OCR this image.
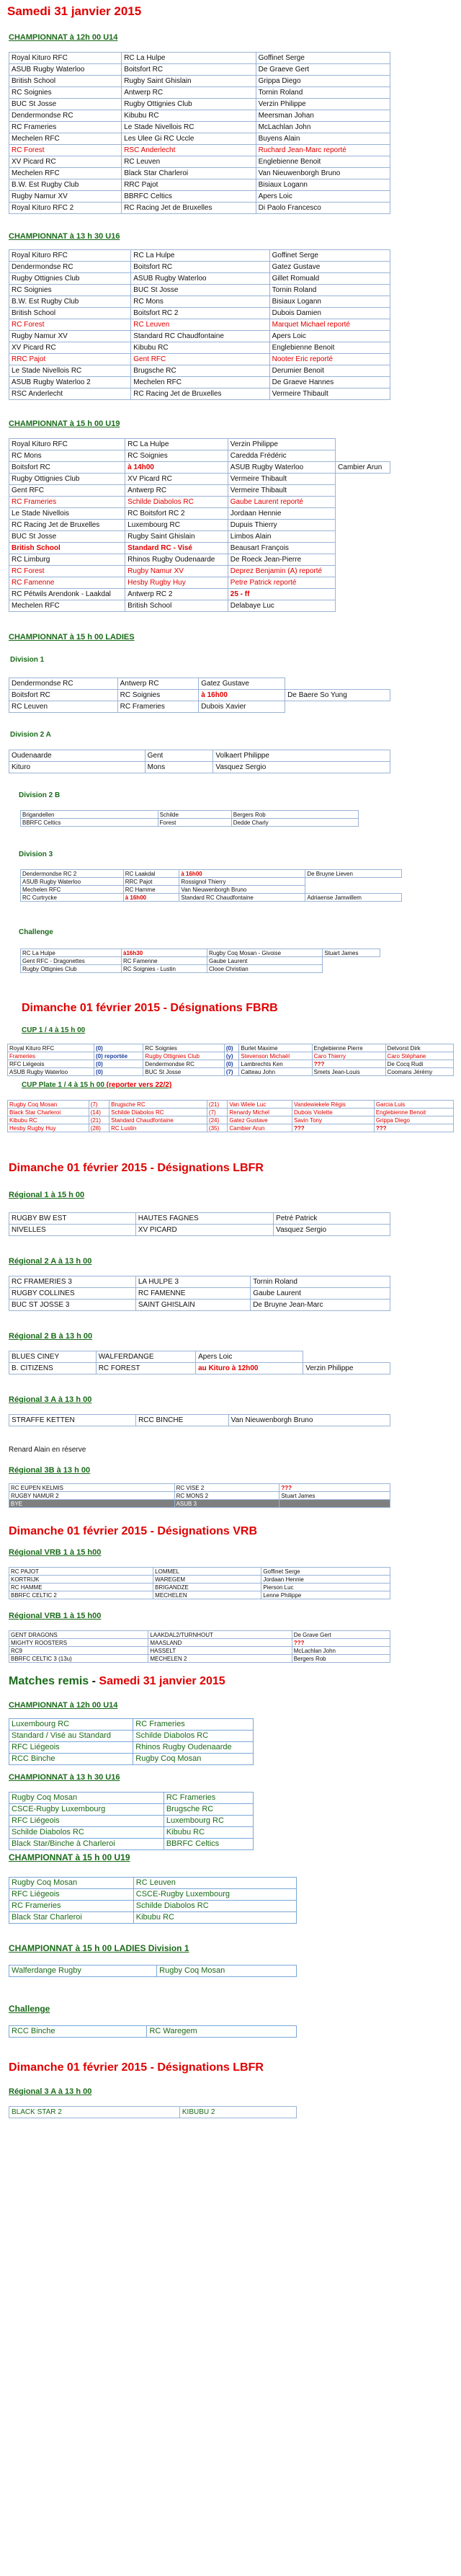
Samedi 31 janvier 2015
CHAMPIONNAT à 12h 00 U14
Royal Kituro RFC	RC La Hulpe	Goffinet Serge
ASUB Rugby Waterloo	Boitsfort RC	De Graeve Gert
British School	Rugby Saint Ghislain	Grippa Diego
RC Soignies	Antwerp RC	Tornin Roland
BUC St Josse	Rugby Ottignies Club	Verzin Philippe
Dendermondse RC	Kibubu RC	Meersman Johan
RC Frameries	Le Stade Nivellois RC	McLachlan John
Mechelen RFC	Les Ulee Gi RC Uccle	Buyens Alain
RC Forest	RSC Anderlecht	Ruchard Jean-Marc reporté
XV Picard RC	RC Leuven	Englebienne Benoit
Mechelen RFC	Black Star Charleroi	Van Nieuwenborgh Bruno
B.W. Est Rugby Club	RRC Pajot	Bisiaux Logann
Rugby Namur XV	BBRFC Celtics	Apers Loic
Royal Kituro RFC 2	RC Racing Jet de Bruxelles	Di Paolo Francesco
CHAMPIONNAT à 13 h 30 U16
Royal Kituro RFC	RC La Hulpe	Goffinet Serge
Dendermondse RC	Boitsfort RC	Gatez Gustave
Rugby Ottignies Club	ASUB Rugby Waterloo	Gillet Romuald
RC Soignies	BUC St Josse	Tornin Roland
B.W. Est Rugby Club	RC Mons	Bisiaux Logann
British School	Boitsfort RC 2	Dubois Damien
RC Forest	RC Leuven	Marquet Michael reporté
Rugby Namur XV	Standard RC Chaudfontaine	Apers Loic
XV Picard RC	Kibubu RC	Englebienne Benoit
RRC Pajot	Gent RFC	Nooter Eric reporté
Le Stade Nivellois RC	Brugsche RC	Derumier Benoit
ASUB Rugby Waterloo 2	Mechelen RFC	De Graeve Hannes
RSC Anderlecht	RC Racing Jet de Bruxelles	Vermeire Thibault
CHAMPIONNAT à 15 h 00 U19
Royal Kituro RFC	RC La Hulpe	Verzin Philippe	
RC Mons	RC Soignies	Caredda Frédéric	
Boitsfort RC	à 14h00	ASUB Rugby Waterloo	Cambier Arun
Rugby Ottignies Club	XV Picard RC	Vermeire Thibault	
Gent RFC	Antwerp RC	Vermeire Thibault	
RC Frameries	Schilde Diabolos RC	Gaube Laurent reporté	
Le Stade Nivellois	RC Boitsfort RC 2	Jordaan Hennie	
RC Racing Jet de Bruxelles	Luxembourg RC	Dupuis Thierry	
BUC St Josse	Rugby Saint Ghislain	Limbos Alain	
British School	Standard RC - Visé	Beausart François	
RC Limburg	Rhinos Rugby Oudenaarde	De Roeck Jean-Pierre	
RC Forest	Rugby Namur XV	Deprez Benjamin (A) reporté	
RC Famenne	Hesby Rugby Huy	Petre Patrick reporté	
RC Pétwils Arendonk - Laakdal	Antwerp RC 2	25 - ff	
Mechelen RFC	British School	Delabaye Luc	
CHAMPIONNAT à 15 h 00 LADIES
Division 1
Dendermondse RC	Antwerp RC	Gatez Gustave	
Boitsfort RC	RC Soignies	à 16h00	De Baere So Yung
RC Leuven	RC Frameries	Dubois Xavier	
Division 2 A
Oudenaarde	Gent	Volkaert Philippe
Kituro	Mons	Vasquez Sergio
Division 2 B
Brigandellen	Schilde	Bergers Rob
BBRFC Celtics	Forest	Dedde Charly
Division 3
Dendermondse RC 2	RC Laakdal	à 16h00	De Bruyne Lieven
ASUB Rugby Waterloo	RRC Pajot	Rossignol Thierry	
Mechelen RFC	RC Hamme	Van Nieuwenborgh Bruno	
RC Curtrycke	à 16h00	Standard RC Chaudfontaine	Adriaense Jamwillem
Challenge
RC La Hulpe	à16h30	Rugby Coq Mosan - Givoise	Stuart James
Gent RFC - Dragonettes	RC Famenne	Gaube Laurent	
Rugby Ottignies Club	RC Soignies - Lustin	Clooe Christian	
Dimanche 01 février 2015 - Désignations FBRB
CUP 1 / 4 à 15 h 00
Royal Kituro RFC	(0)	RC Soignies	(0)	Burlet Maxime	Englebienne Pierre	Detvorst Dirk
Frameries	(0) reportée	Rugby Ottignies Club	(y)	Stevenson Michaël	Caro Thierry	Caro Stéphane
RFC Liégeois	(0)	Dendermondse RC	(0)	Lambrechts Ken	???	De Cocq Rudi
ASUB Rugby Waterloo	(0)	BUC St Josse	(7)	Catteau John	Smets Jean-Louis	Coomans Jérémy
CUP Plate 1 / 4 à 15 h 00 (reporter vers 22/2)
Rugby Coq Mosan	(7)	Brugsche RC	(21)	Van Wiele Luc	Vandewiekele Régis	Garcia Luis
Black Star Charleroi	(14)	Schilde Diabolos RC	(7)	Renardy Michel	Dubois Violette	Englebienne Benoit
Kibubu RC	(21)	Standard Chaudfontaine	(24)	Gatez Gustave	Savin Tony	Grippa Diego
Hesby Rugby Huy	(28)	RC Lustin	(35)	Cambier Arun	???	???
Dimanche 01 février 2015 - Désignations LBFR
Régional 1 à 15 h 00
RUGBY BW EST	HAUTES FAGNES	Petré Patrick
NIVELLES	XV PICARD	Vasquez Sergio
Régional 2 A à 13 h 00
RC FRAMERIES 3	LA HULPE 3	Tornin Roland
RUGBY COLLINES	RC FAMENNE	Gaube Laurent
BUC ST JOSSE 3	SAINT GHISLAIN	De Bruyne Jean-Marc
Régional 2 B à 13 h 00
BLUES CINEY	WALFERDANGE	Apers Loic	
B. CITIZENS	RC FOREST	au Kituro à 12h00	Verzin Philippe
Régional 3 A à 13 h 00
STRAFFE KETTEN	RCC BINCHE	Van Nieuwenborgh Bruno
Renard Alain en réserve
Régional 3B à 13 h 00
RC EUPEN KELMIS	RC VISE 2	???
RUGBY NAMUR 2	RC MONS 2	Stuart James
BYE	ASUB 3	
Dimanche 01 février 2015 - Désignations VRB
Régional VRB 1 à 15 h00
RC PAJOT	LOMMEL	Goffinet Serge
KORTRIJK	WAREGEM	Jordaan Hennie
RC HAMME	BRIGANDZE	Pierson Luc
BBRFC CELTIC 2	MECHELEN	Lenne Philippe
Régional VRB 1 à 15 h00
GENT DRAGONS	LAAKDAL2/TURNHOUT	De Grave Gert
MIGHTY ROOSTERS	MAASLAND	???
RC9	HASSELT	McLachlan John
BBRFC CELTIC 3 (13u)	MECHELEN 2	Bergers Rob
Matches remis - Samedi 31 janvier 2015
CHAMPIONNAT à 12h 00 U14
Luxembourg RC	RC Frameries
Standard / Visé au Standard	Schilde Diabolos RC
RFC Liégeois	Rhinos Rugby Oudenaarde
RCC Binche	Rugby Coq Mosan
CHAMPIONNAT à 13 h 30 U16
Rugby Coq Mosan	RC Frameries
CSCE-Rugby Luxembourg	Brugsche RC
RFC Liégeois	Luxembourg RC
Schilde Diabolos RC	Kibubu RC
Black Star/Binche à Charleroi	BBRFC Celtics
CHAMPIONNAT à 15 h 00 U19
Rugby Coq Mosan	RC Leuven
RFC Liégeois	CSCE-Rugby Luxembourg
RC Frameries	Schilde Diabolos RC
Black Star Charleroi	Kibubu RC
CHAMPIONNAT à 15 h 00 LADIES Division 1
Walferdange Rugby	Rugby Coq Mosan
Challenge
RCC Binche	RC Waregem
Dimanche 01 février 2015 - Désignations LBFR
Régional 3 A à 13 h 00
BLACK STAR 2	KIBUBU 2
